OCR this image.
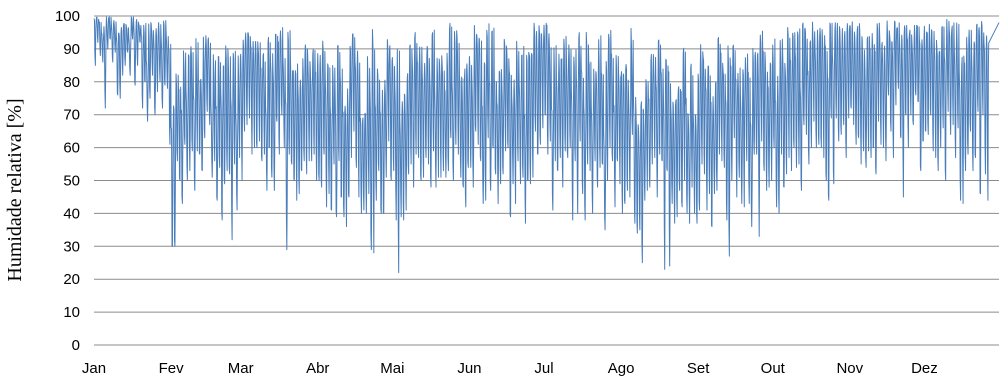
0
10
20
30
40
50
60
70
80
90
100
Jan	Fev	Mar	Abr	Mai	Jun	Jul	Ago	Set	Out	Nov	Dez
Humidade relativa [%]
